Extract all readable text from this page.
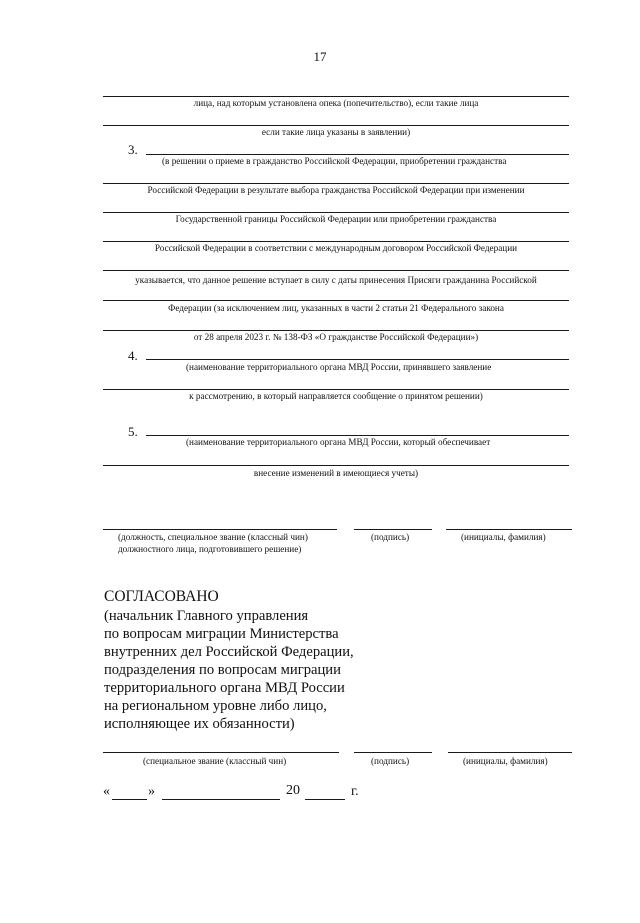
17
лица, над которым установлена опека (попечительство), если такие лица
если такие лица указаны в заявлении)
3.
(в решении о приеме в гражданство Российской Федерации, приобретении гражданства
Российской Федерации в результате выбора гражданства Российской Федерации при изменении
Государственной границы Российской Федерации или приобретении гражданства
Российской Федерации в соответствии с международным договором Российской Федерации
указывается, что данное решение вступает в силу с даты принесения Присяги гражданина Российской
Федерации (за исключением лиц, указанных в части 2 статьи 21 Федерального закона
от 28 апреля 2023 г. № 138-ФЗ «О гражданстве Российской Федерации»)
4.
(наименование территориального органа МВД России, принявшего заявление
к рассмотрению, в который направляется сообщение о принятом решении)
5.
(наименование территориального органа МВД России, который обеспечивает
внесение изменений в имеющиеся учеты)
(должность, специальное звание (классный чин)
должностного лица, подготовившего решение)
(подпись)	(инициалы, фамилия)
СОГЛАСОВАНО
(начальник Главного управления
по вопросам миграции Министерства
внутренних дел Российской Федерации,
подразделения по вопросам миграции
территориального органа МВД России
на региональном уровне либо лицо,
исполняющее их обязанности)
(специальное звание (классный чин)	(подпись)	(инициалы, фамилия)
«	»	20	г.
